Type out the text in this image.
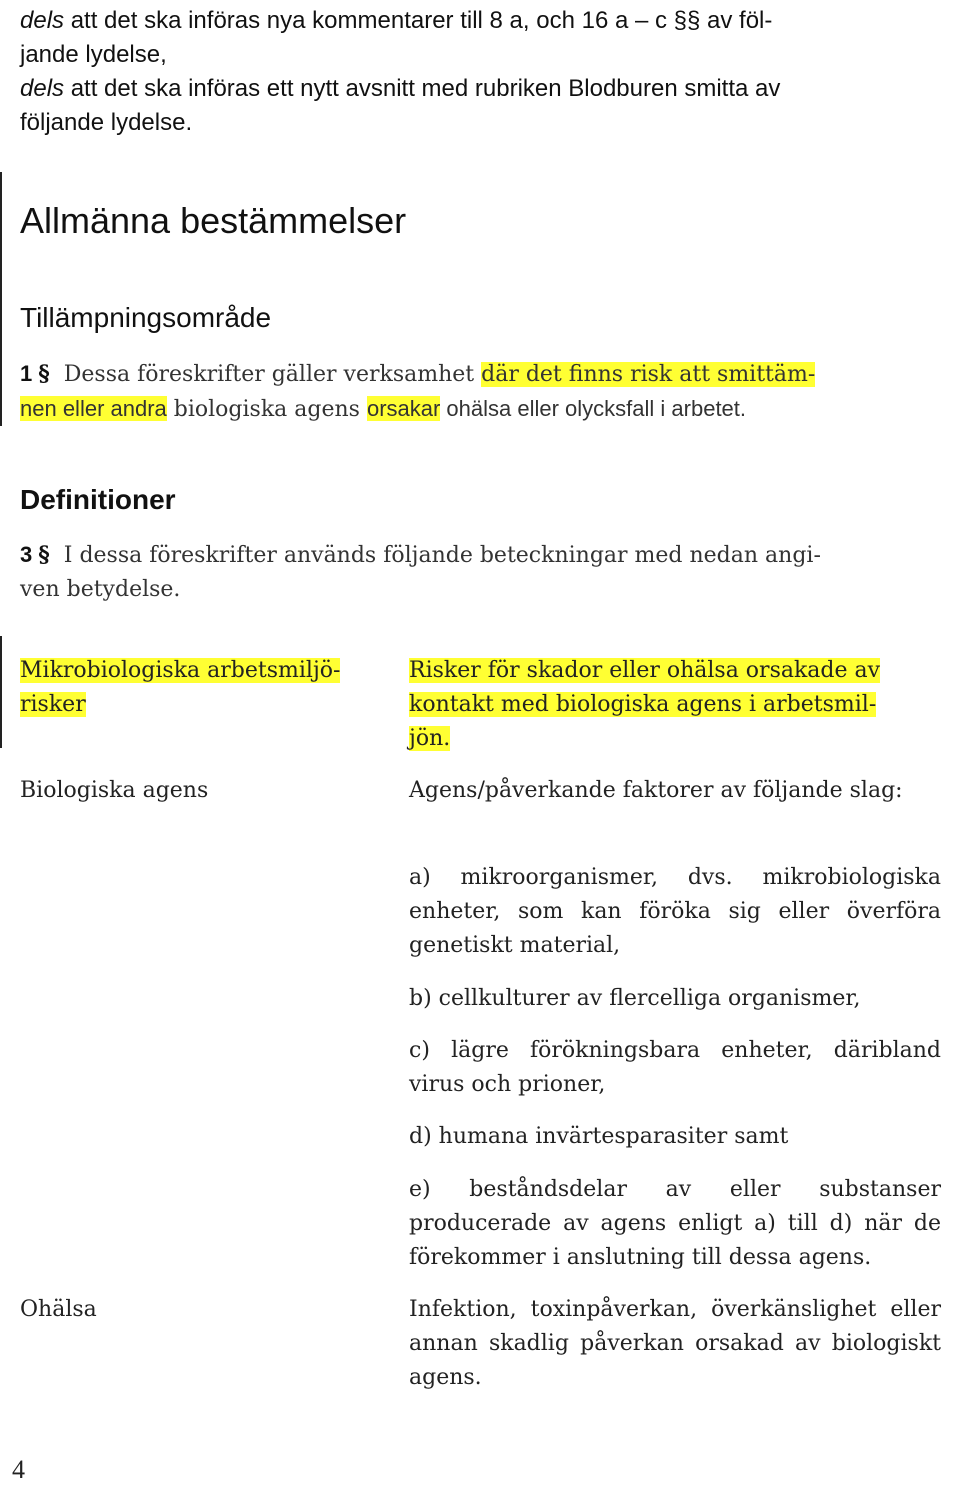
dels att det ska införas nya kommentarer till 8 a, och 16 a – c §§ av föl-
jande lydelse,
dels att det ska införas ett nytt avsnitt med rubriken Blodburen smitta av
följande lydelse.

Allmänna bestämmelser
Tillämpningsområde

1 § Dessa föreskrifter gäller verksamhet där det finns risk att smittäm-
nen eller andra biologiska agens orsakar ohälsa eller olycksfall i arbetet.

Definitioner

3 § I dessa föreskrifter används följande beteckningar med nedan angi-
ven betydelse.

Mikrobiologiska arbetsmiljö-
risker

Risker för skador eller ohälsa orsakade av
kontakt med biologiska agens i arbetsmil-
jön.

Biologiska agens	Agens/påverkande faktorer av följande slag:

a) mikroorganismer, dvs. mikrobiologiska enheter, som kan föröka sig eller överföra genetiskt material,

b) cellkulturer av flercelliga organismer,

c) lägre förökningsbara enheter, däribland virus och prioner,

d) humana invärtesparasiter samt

e) beståndsdelar av eller substanser producerade av agens enligt a) till d) när de förekommer i anslutning till dessa agens.

Ohälsa	Infektion, toxinpåverkan, överkänslighet eller annan skadlig påverkan orsakad av biologiskt agens.

4
